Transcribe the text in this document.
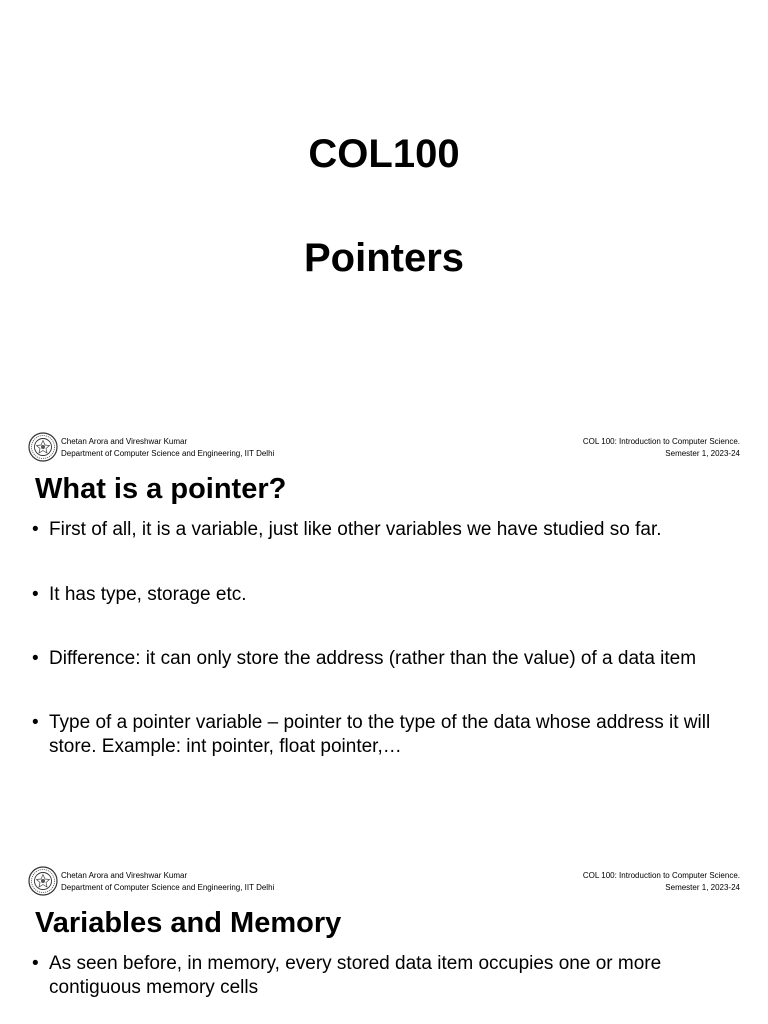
COL100
Pointers
Chetan Arora and Vireshwar Kumar
Department of Computer Science and Engineering, IIT Delhi
COL 100: Introduction to Computer Science.
Semester 1, 2023-24
What is a pointer?
• First of all, it is a variable, just like other variables we have studied so far.
• It has type, storage etc.
• Difference: it can only store the address (rather than the value) of a data item
• Type of a pointer variable – pointer to the type of the data whose address it will store. Example: int pointer, float pointer,…
Chetan Arora and Vireshwar Kumar
Department of Computer Science and Engineering, IIT Delhi
COL 100: Introduction to Computer Science.
Semester 1, 2023-24
Variables and Memory
• As seen before, in memory, every stored data item occupies one or more contiguous memory cells
